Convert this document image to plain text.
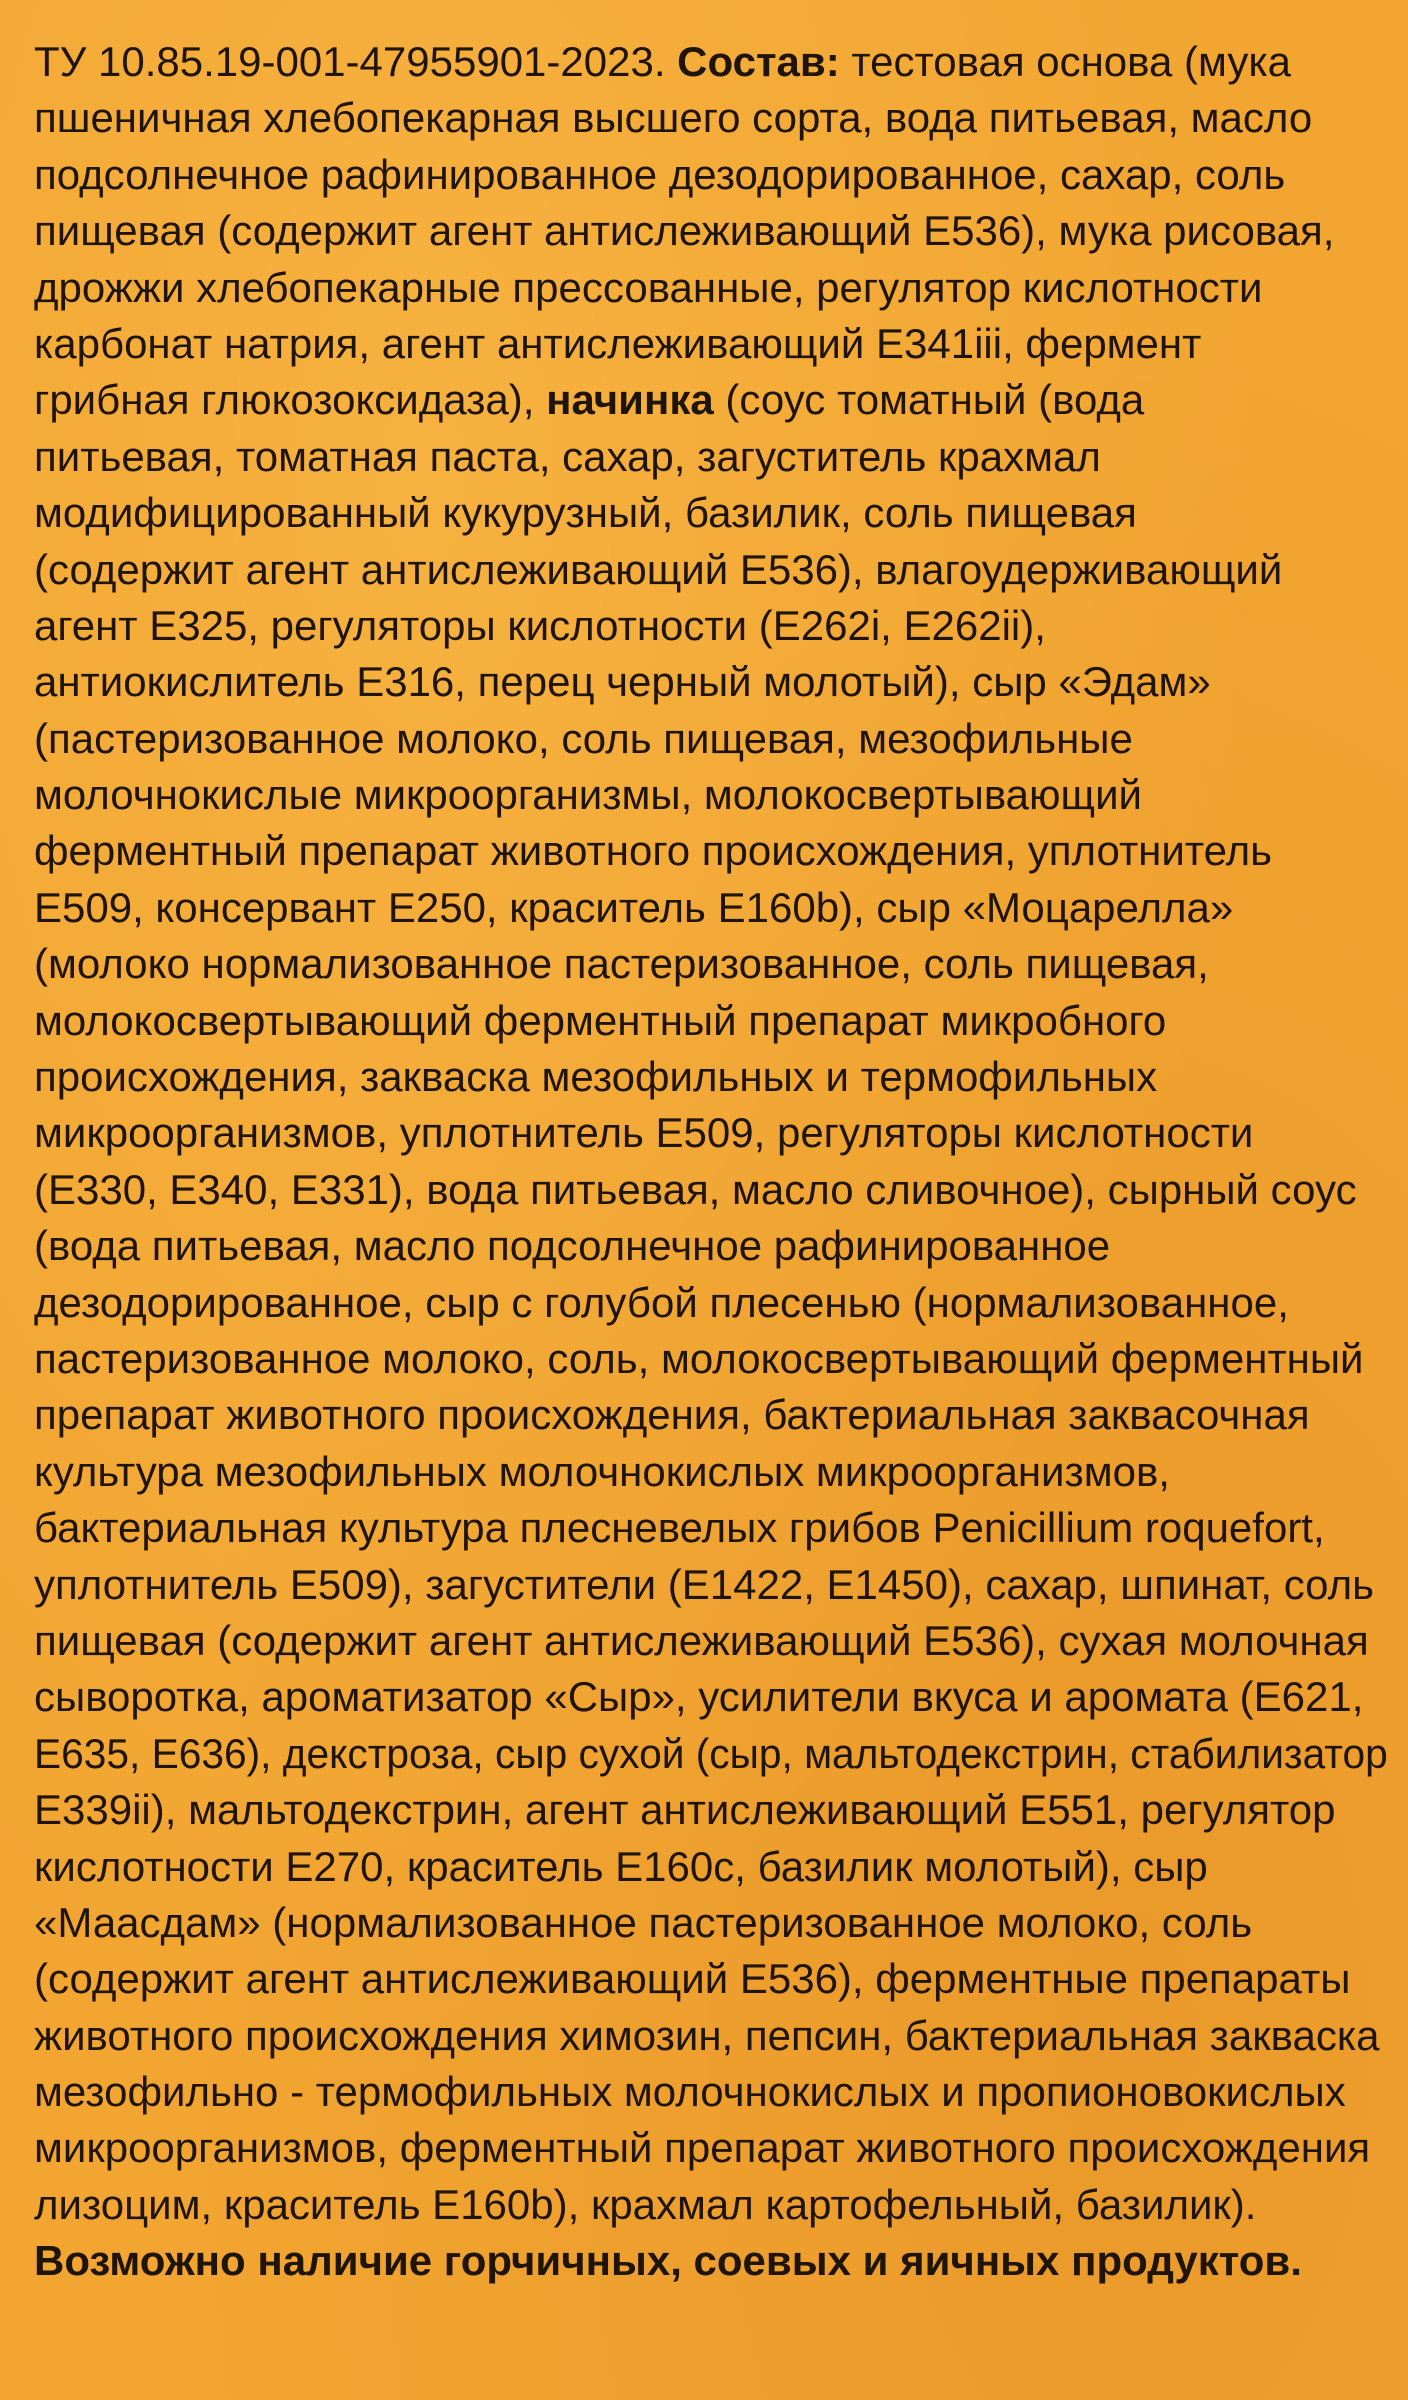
ТУ 10.85.19-001-47955901-2023. Состав: тестовая основа (мука
пшеничная хлебопекарная высшего сорта, вода питьевая, масло
подсолнечное рафинированное дезодорированное, сахар, соль
пищевая (содержит агент антислеживающий Е536), мука рисовая,
дрожжи хлебопекарные прессованные, регулятор кислотности
карбонат натрия, агент антислеживающий Е341iii, фермент
грибная глюкозоксидаза), начинка (соус томатный (вода
питьевая, томатная паста, сахар, загуститель крахмал
модифицированный кукурузный, базилик, соль пищевая
(содержит агент антислеживающий Е536), влагоудерживающий
агент Е325, регуляторы кислотности (Е262i, Е262ii),
антиокислитель Е316, перец черный молотый), сыр «Эдам»
(пастеризованное молоко, соль пищевая, мезофильные
молочнокислые микроорганизмы, молокосвертывающий
ферментный препарат животного происхождения, уплотнитель
Е509, консервант Е250, краситель Е160b), сыр «Моцарелла»
(молоко нормализованное пастеризованное, соль пищевая,
молокосвертывающий ферментный препарат микробного
происхождения, закваска мезофильных и термофильных
микроорганизмов, уплотнитель Е509, регуляторы кислотности
(Е330, Е340, Е331), вода питьевая, масло сливочное), сырный соус
(вода питьевая, масло подсолнечное рафинированное
дезодорированное, сыр с голубой плесенью (нормализованное,
пастеризованное молоко, соль, молокосвертывающий ферментный
препарат животного происхождения, бактериальная заквасочная
культура мезофильных молочнокислых микроорганизмов,
бактериальная культура плесневелых грибов Penicillium roquefort,
уплотнитель Е509), загустители (Е1422, Е1450), сахар, шпинат, соль
пищевая (содержит агент антислеживающий Е536), сухая молочная
сыворотка, ароматизатор «Сыр», усилители вкуса и аромата (Е621,
Е635, Е636), декстроза, сыр сухой (сыр, мальтодекстрин, стабилизатор
Е339ii), мальтодекстрин, агент антислеживающий Е551, регулятор
кислотности Е270, краситель Е160с, базилик молотый), сыр
«Маасдам» (нормализованное пастеризованное молоко, соль
(содержит агент антислеживающий Е536), ферментные препараты
животного происхождения химозин, пепсин, бактериальная закваска
мезофильно - термофильных молочнокислых и пропионовокислых
микроорганизмов, ферментный препарат животного происхождения
лизоцим, краситель Е160b), крахмал картофельный, базилик).
Возможно наличие горчичных, соевых и яичных продуктов.
